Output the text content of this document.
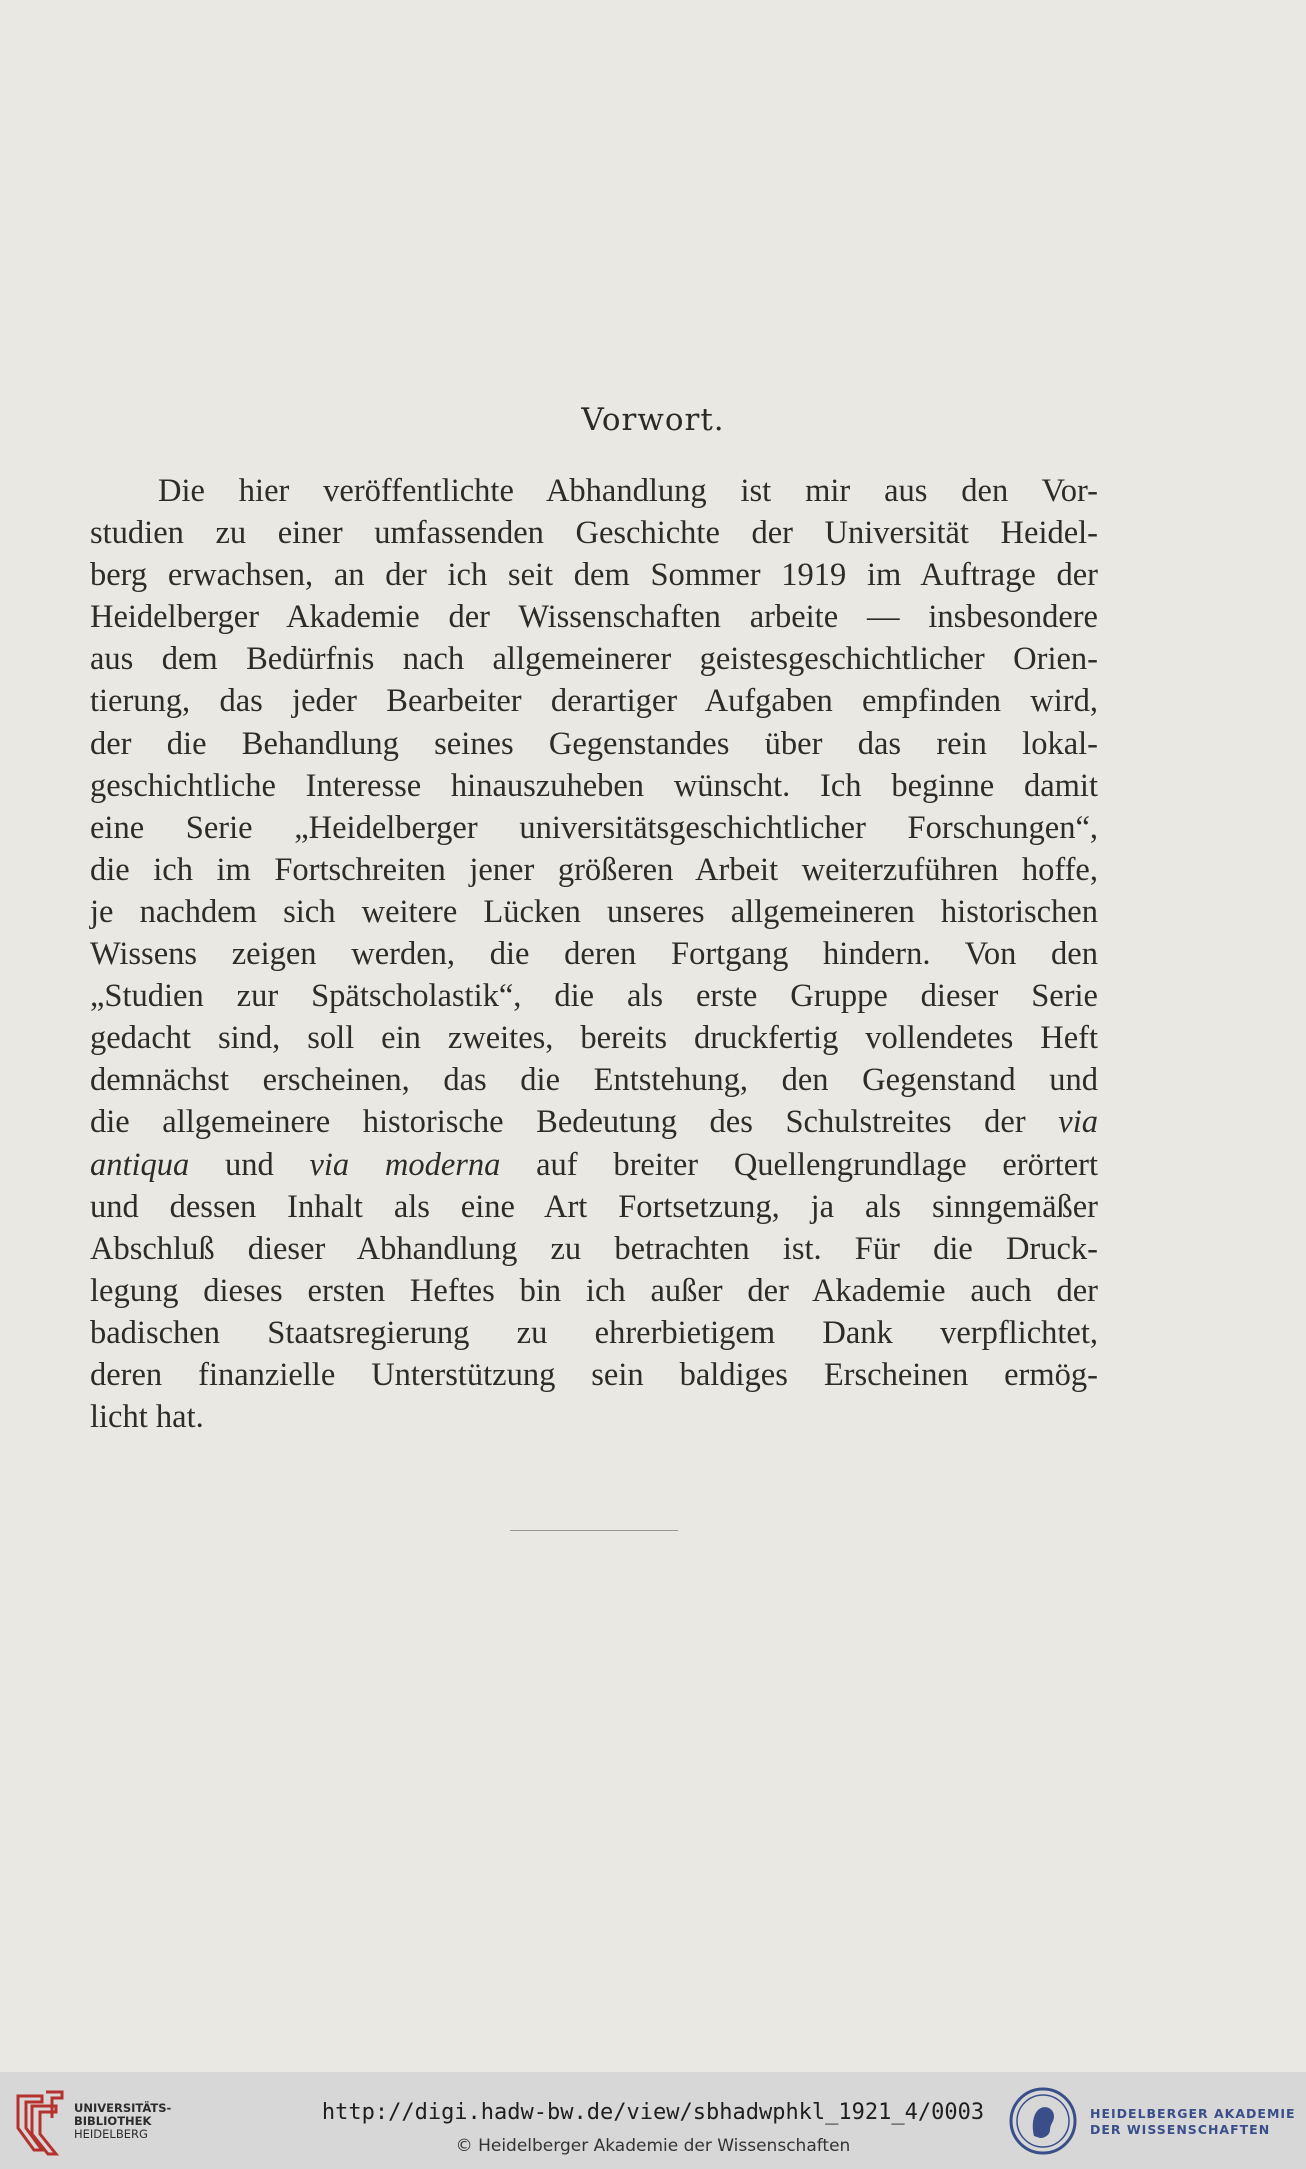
Vorwort.
Die hier veröffentlichte Abhandlung ist mir aus den Vor-
studien zu einer umfassenden Geschichte der Universität Heidel-
berg erwachsen, an der ich seit dem Sommer 1919 im Auftrage der
Heidelberger Akademie der Wissenschaften arbeite — insbesondere
aus dem Bedürfnis nach allgemeinerer geistesgeschichtlicher Orien-
tierung, das jeder Bearbeiter derartiger Aufgaben empfinden wird,
der die Behandlung seines Gegenstandes über das rein lokal-
geschichtliche Interesse hinauszuheben wünscht. Ich beginne damit
eine Serie „Heidelberger universitätsgeschichtlicher Forschungen“,
die ich im Fortschreiten jener größeren Arbeit weiterzuführen hoffe,
je nachdem sich weitere Lücken unseres allgemeineren historischen
Wissens zeigen werden, die deren Fortgang hindern. Von den
„Studien zur Spätscholastik“, die als erste Gruppe dieser Serie
gedacht sind, soll ein zweites, bereits druckfertig vollendetes Heft
demnächst erscheinen, das die Entstehung, den Gegenstand und
die allgemeinere historische Bedeutung des Schulstreites der via
antiqua und via moderna auf breiter Quellengrundlage erörtert
und dessen Inhalt als eine Art Fortsetzung, ja als sinngemäßer
Abschluß dieser Abhandlung zu betrachten ist. Für die Druck-
legung dieses ersten Heftes bin ich außer der Akademie auch der
badischen Staatsregierung zu ehrerbietigem Dank verpflichtet,
deren finanzielle Unterstützung sein baldiges Erscheinen ermög-
licht hat.
UNIVERSITÄTS-
BIBLIOTHEK
HEIDELBERG
http://digi.hadw-bw.de/view/sbhadwphkl_1921_4/0003
© Heidelberger Akademie der Wissenschaften
HEIDELBERGER AKADEMIE
DER WISSENSCHAFTEN
